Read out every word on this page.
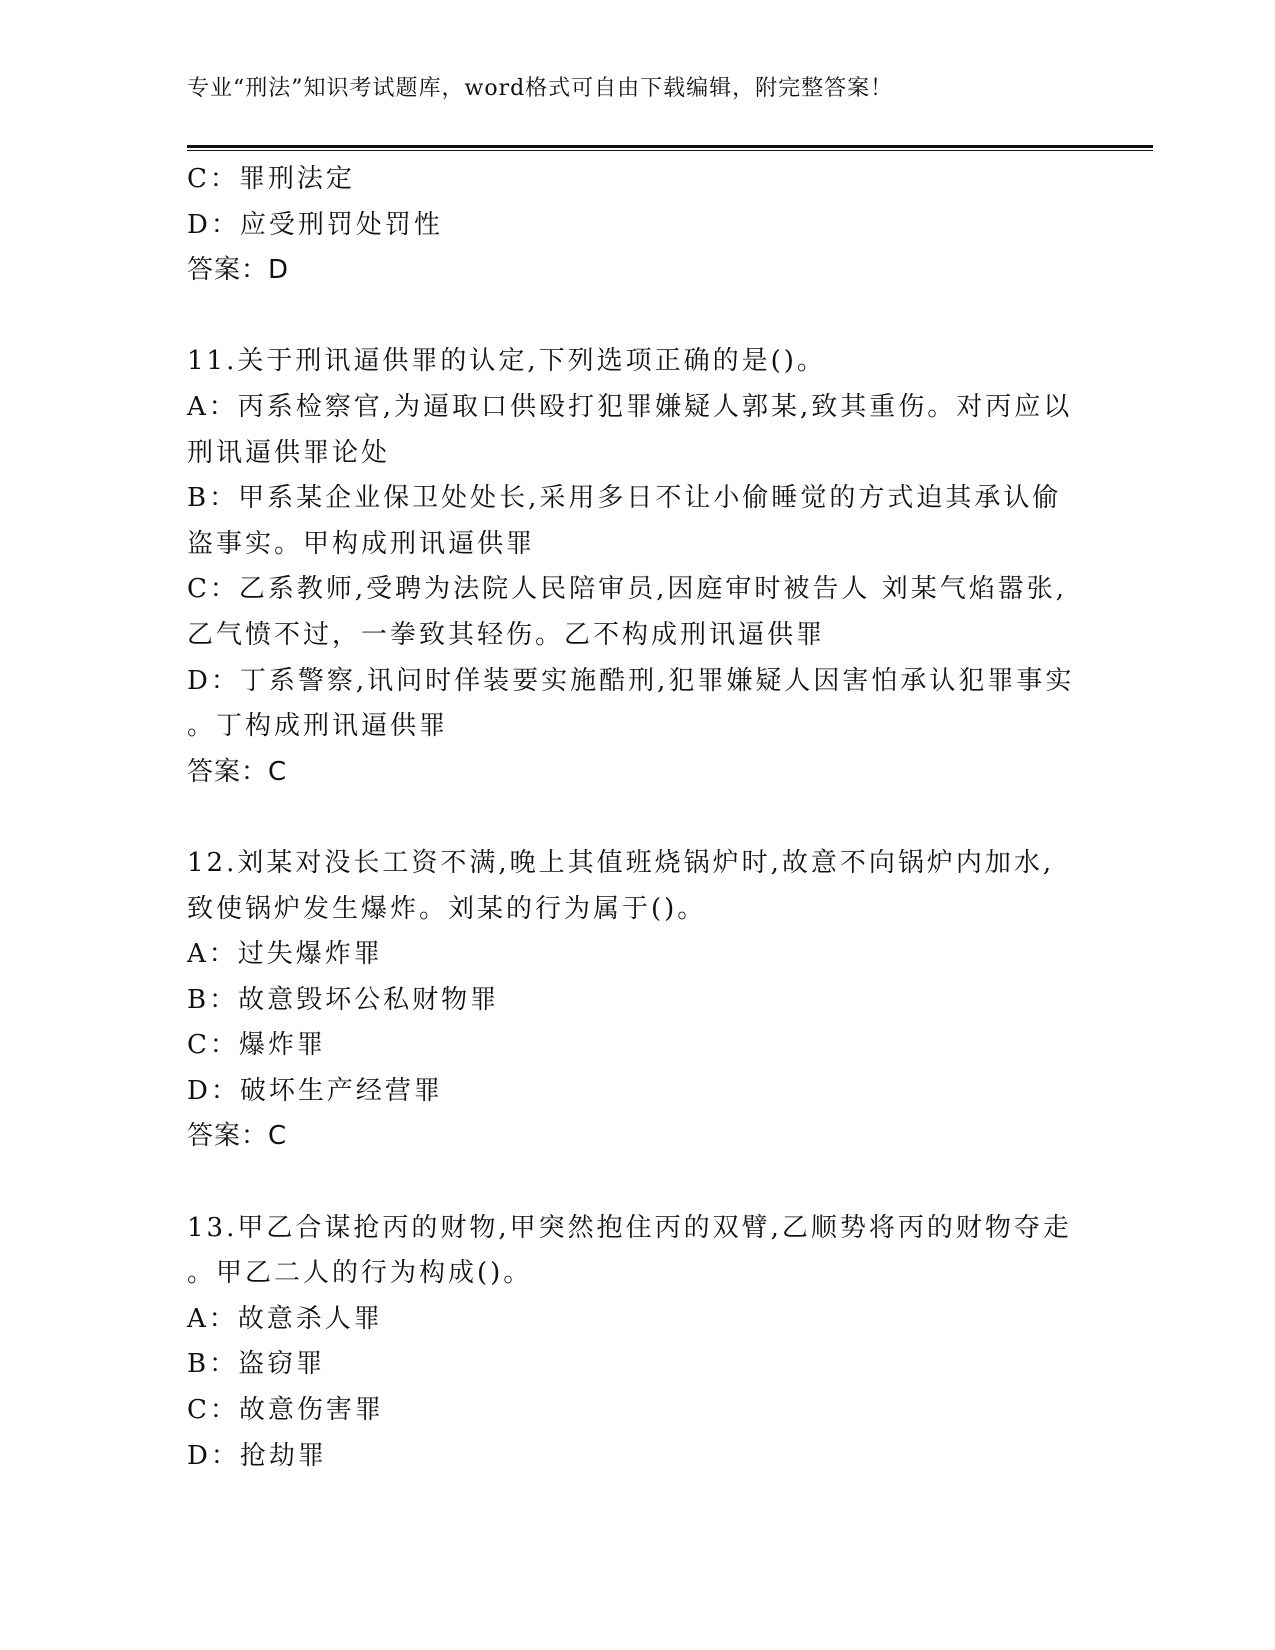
专业“刑法”知识考试题库，word格式可自由下载编辑，附完整答案！
C：罪刑法定
D：应受刑罚处罚性
答案：D
11.关于刑讯逼供罪的认定,下列选项正确的是()。
A：丙系检察官,为逼取口供殴打犯罪嫌疑人郭某,致其重伤。对丙应以
刑讯逼供罪论处
B：甲系某企业保卫处处长,采用多日不让小偷睡觉的方式迫其承认偷
盗事实。甲构成刑讯逼供罪
C：乙系教师,受聘为法院人民陪审员,因庭审时被告人 刘某气焰嚣张,
乙气愤不过，一拳致其轻伤。乙不构成刑讯逼供罪
D：丁系警察,讯问时佯装要实施酷刑,犯罪嫌疑人因害怕承认犯罪事实
。丁构成刑讯逼供罪
答案：C
12.刘某对没长工资不满,晚上其值班烧锅炉时,故意不向锅炉内加水,
致使锅炉发生爆炸。刘某的行为属于()。
A：过失爆炸罪
B：故意毁坏公私财物罪
C：爆炸罪
D：破坏生产经营罪
答案：C
13.甲乙合谋抢丙的财物,甲突然抱住丙的双臂,乙顺势将丙的财物夺走
。甲乙二人的行为构成()。
A：故意杀人罪
B：盗窃罪
C：故意伤害罪
D：抢劫罪
